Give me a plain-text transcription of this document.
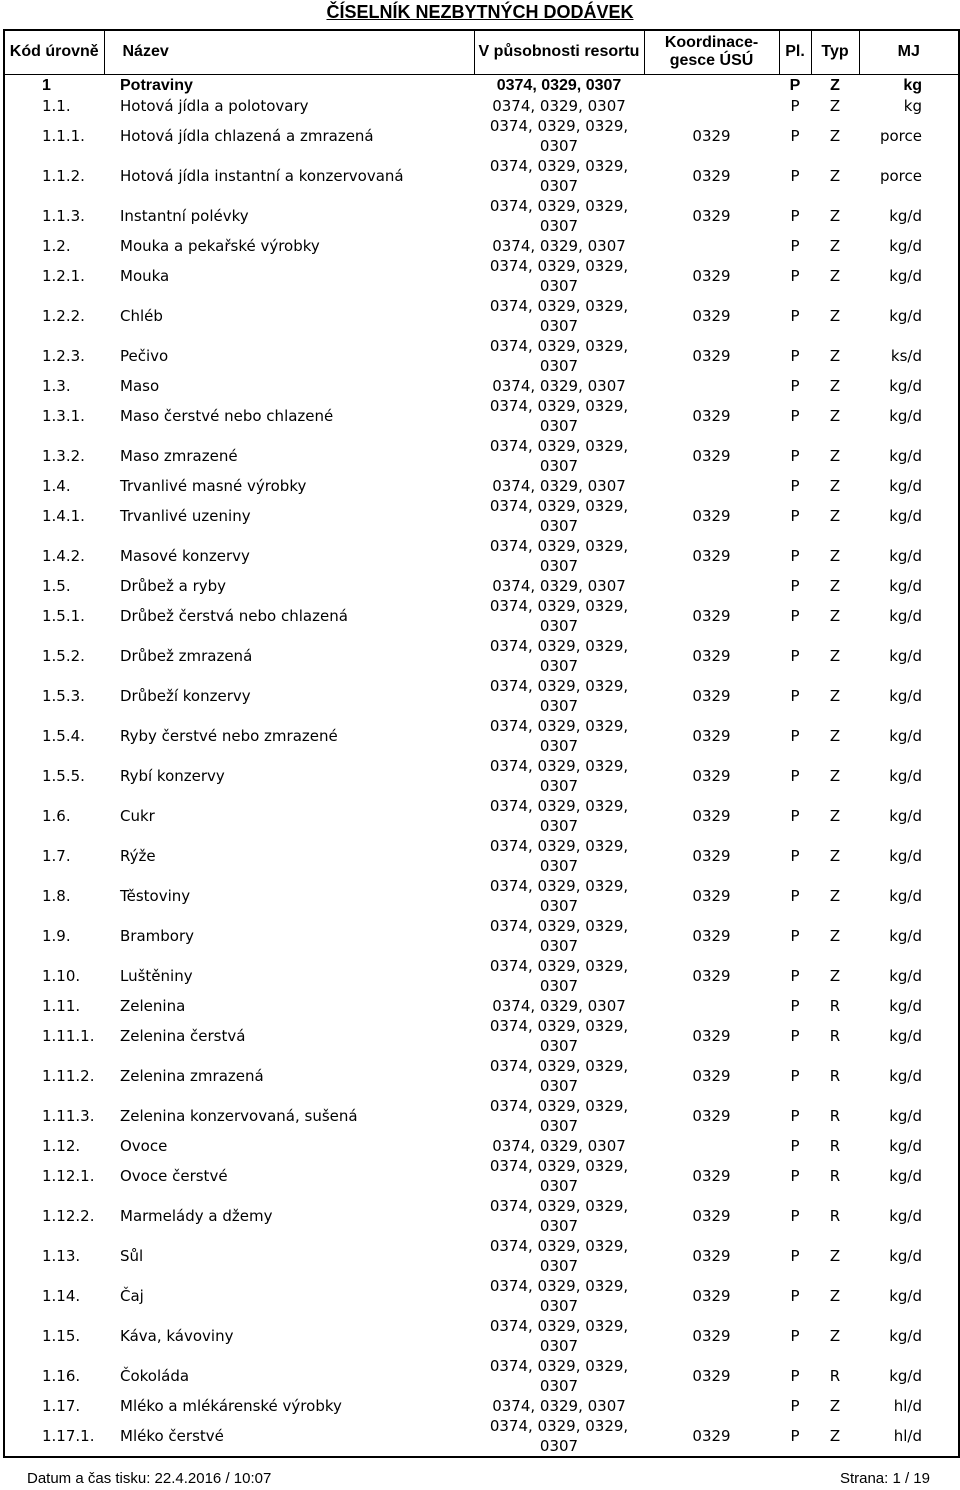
ČÍSELNÍK NEZBYTNÝCH DODÁVEK
Kód úrovně	Název	V působnosti resortu	Koordinace-gesce ÚSÚ	Pl.	Typ	MJ
1	Potraviny	0374, 0329, 0307		P	Z	kg
1.1.	Hotová jídla a polotovary	0374, 0329, 0307		P	Z	kg
1.1.1.	Hotová jídla chlazená a zmrazená	0374, 0329, 0329, 0307	0329	P	Z	porce
1.1.2.	Hotová jídla instantní a konzervovaná	0374, 0329, 0329, 0307	0329	P	Z	porce
1.1.3.	Instantní polévky	0374, 0329, 0329, 0307	0329	P	Z	kg/d
1.2.	Mouka a pekařské výrobky	0374, 0329, 0307		P	Z	kg/d
1.2.1.	Mouka	0374, 0329, 0329, 0307	0329	P	Z	kg/d
1.2.2.	Chléb	0374, 0329, 0329, 0307	0329	P	Z	kg/d
1.2.3.	Pečivo	0374, 0329, 0329, 0307	0329	P	Z	ks/d
1.3.	Maso	0374, 0329, 0307		P	Z	kg/d
1.3.1.	Maso čerstvé nebo chlazené	0374, 0329, 0329, 0307	0329	P	Z	kg/d
1.3.2.	Maso zmrazené	0374, 0329, 0329, 0307	0329	P	Z	kg/d
1.4.	Trvanlivé masné výrobky	0374, 0329, 0307		P	Z	kg/d
1.4.1.	Trvanlivé uzeniny	0374, 0329, 0329, 0307	0329	P	Z	kg/d
1.4.2.	Masové konzervy	0374, 0329, 0329, 0307	0329	P	Z	kg/d
1.5.	Drůbež a ryby	0374, 0329, 0307		P	Z	kg/d
1.5.1.	Drůbež čerstvá nebo chlazená	0374, 0329, 0329, 0307	0329	P	Z	kg/d
1.5.2.	Drůbež zmrazená	0374, 0329, 0329, 0307	0329	P	Z	kg/d
1.5.3.	Drůbeží konzervy	0374, 0329, 0329, 0307	0329	P	Z	kg/d
1.5.4.	Ryby čerstvé nebo zmrazené	0374, 0329, 0329, 0307	0329	P	Z	kg/d
1.5.5.	Rybí konzervy	0374, 0329, 0329, 0307	0329	P	Z	kg/d
1.6.	Cukr	0374, 0329, 0329, 0307	0329	P	Z	kg/d
1.7.	Rýže	0374, 0329, 0329, 0307	0329	P	Z	kg/d
1.8.	Těstoviny	0374, 0329, 0329, 0307	0329	P	Z	kg/d
1.9.	Brambory	0374, 0329, 0329, 0307	0329	P	Z	kg/d
1.10.	Luštěniny	0374, 0329, 0329, 0307	0329	P	Z	kg/d
1.11.	Zelenina	0374, 0329, 0307		P	R	kg/d
1.11.1.	Zelenina čerstvá	0374, 0329, 0329, 0307	0329	P	R	kg/d
1.11.2.	Zelenina zmrazená	0374, 0329, 0329, 0307	0329	P	R	kg/d
1.11.3.	Zelenina konzervovaná, sušená	0374, 0329, 0329, 0307	0329	P	R	kg/d
1.12.	Ovoce	0374, 0329, 0307		P	R	kg/d
1.12.1.	Ovoce čerstvé	0374, 0329, 0329, 0307	0329	P	R	kg/d
1.12.2.	Marmelády a džemy	0374, 0329, 0329, 0307	0329	P	R	kg/d
1.13.	Sůl	0374, 0329, 0329, 0307	0329	P	Z	kg/d
1.14.	Čaj	0374, 0329, 0329, 0307	0329	P	Z	kg/d
1.15.	Káva, kávoviny	0374, 0329, 0329, 0307	0329	P	Z	kg/d
1.16.	Čokoláda	0374, 0329, 0329, 0307	0329	P	R	kg/d
1.17.	Mléko a mlékárenské výrobky	0374, 0329, 0307		P	Z	hl/d
1.17.1.	Mléko čerstvé	0374, 0329, 0329, 0307	0329	P	Z	hl/d
Datum a čas tisku: 22.4.2016 / 10:07	Strana: 1 / 19
